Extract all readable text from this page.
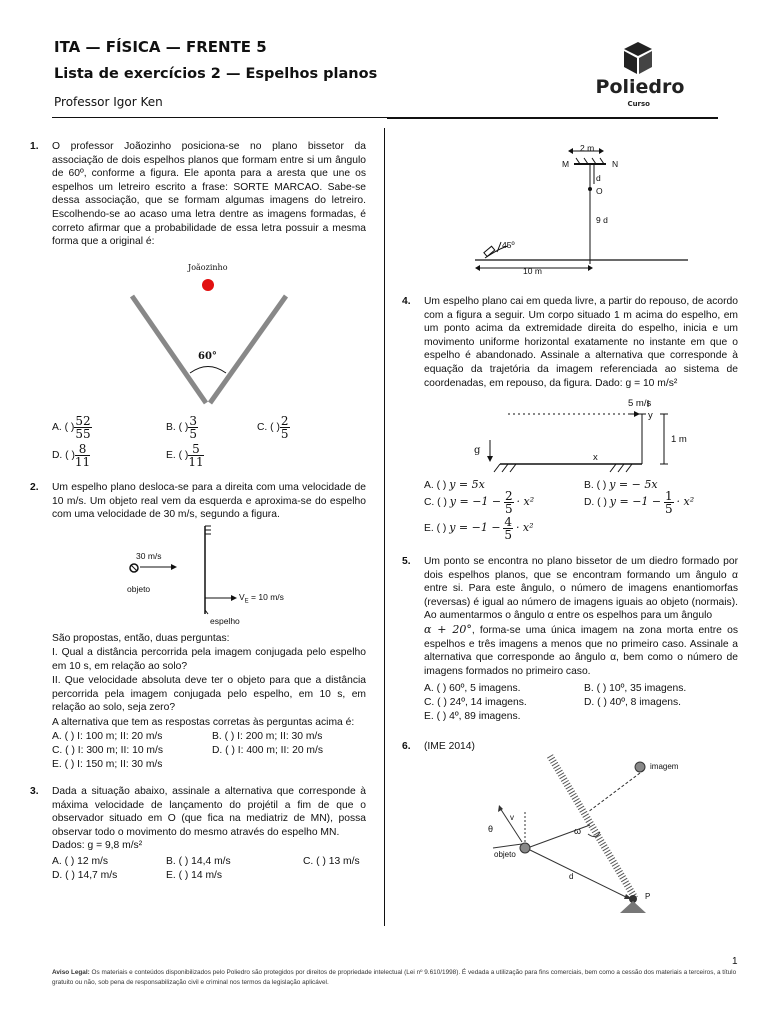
ITA — FÍSICA — FRENTE 5
Lista de exercícios 2 — Espelhos planos
Professor Igor Ken
Poliedro
Curso
1. O professor Joãozinho posiciona-se no plano bissetor da associação de dois espelhos planos que formam entre si um ângulo de 60º, conforme a figura. Ele aponta para a aresta que une os espelhos um letreiro escrito a frase: SORTE MARCAO. Sabe-se dessa associação, que se formam algumas imagens do letreiro. Escolhendo-se ao acaso uma letra dentre as imagens formadas, é correto afirmar que a probabilidade de essa letra possuir a mesma forma que a original é:
Joãozinho
60°
A. ( ) $\frac{52}{55}$	B. ( ) $\frac{3}{5}$	C. ( ) $\frac{2}{5}$
D. ( ) $\frac{8}{11}$	E. ( ) $\frac{5}{11}$
2. Um espelho plano desloca-se para a direita com uma velocidade de 10 m/s. Um objeto real vem da esquerda e aproxima-se do espelho com uma velocidade de 30 m/s, segundo a figura.
30 m/s
objeto
$V_E = 10$ m/s
espelho
São propostas, então, duas perguntas:
I. Qual a distância percorrida pela imagem conjugada pelo espelho em 10 s, em relação ao solo?
II. Que velocidade absoluta deve ter o objeto para que a distância percorrida pela imagem conjugada pelo espelho, em 10 s, em relação ao solo, seja zero?
A alternativa que tem as respostas corretas às perguntas acima é:
A. ( ) I: 100 m; II: 20 m/s	B. ( ) I: 200 m; II: 30 m/s
C. ( ) I: 300 m; II: 10 m/s	D. ( ) I: 400 m; II: 20 m/s
E. ( ) I: 150 m; II: 30 m/s
3. Dada a situação abaixo, assinale a alternativa que corresponde à máxima velocidade de lançamento do projétil a fim de que o observador situado em O (que fica na mediatriz de MN), possa observar todo o movimento do mesmo através do espelho MN.
Dados: g = 9,8 m/s²
A. ( ) 12 m/s	B. ( ) 14,4 m/s	C. ( ) 13 m/s
D. ( ) 14,7 m/s	E. ( ) 14 m/s
2 m
M	N
d
O
9 d
45º
10 m
4. Um espelho plano cai em queda livre, a partir do repouso, de acordo com a figura a seguir. Um corpo situado 1 m acima do espelho, em um ponto acima da extremidade direita do espelho, inicia e um movimento uniforme horizontal exatamente no instante em que o espelho é abandonado. Assinale a alternativa que corresponde à equação da trajetória da imagem referenciada ao sistema de coordenadas, em repouso, da figura. Dado: g = 10 m/s²
5 m/s
y
1 m
g
x
A. ( ) y = 5x	B. ( ) y = − 5x
C. ( ) $y = -1 - \frac{2}{5} \cdot x^2$	D. ( ) $y = -1 - \frac{1}{5} \cdot x^2$
E. ( ) $y = -1 - \frac{4}{5} \cdot x^2$
5. Um ponto se encontra no plano bissetor de um diedro formado por dois espelhos planos, que se encontram formando um ângulo α entre si. Para este ângulo, o número de imagens enantiomorfas (reversas) é igual ao número de imagens iguais ao objeto (normais). Ao aumentarmos o ângulo α entre os espelhos para um ângulo
α + 20°, forma-se uma única imagem na zona morta entre os espelhos e três imagens a menos que no primeiro caso. Assinale a alternativa que corresponde ao ângulo α, bem como o número de imagens formados no primeiro caso.
A. ( ) 60º, 5 imagens.	B. ( ) 10º, 35 imagens.
C. ( ) 24º, 14 imagens.	D. ( ) 40º, 8 imagens.
E. ( ) 4º, 89 imagens.
6. (IME 2014)
imagem
objeto
θ
v
ω
d
P
1
Aviso Legal: Os materiais e conteúdos disponibilizados pelo Poliedro são protegidos por direitos de propriedade intelectual (Lei nº 9.610/1998). É vedada a utilização para fins comerciais, bem como a cessão dos materiais a terceiros, a título gratuito ou não, sob pena de responsabilização civil e criminal nos termos da legislação aplicável.
